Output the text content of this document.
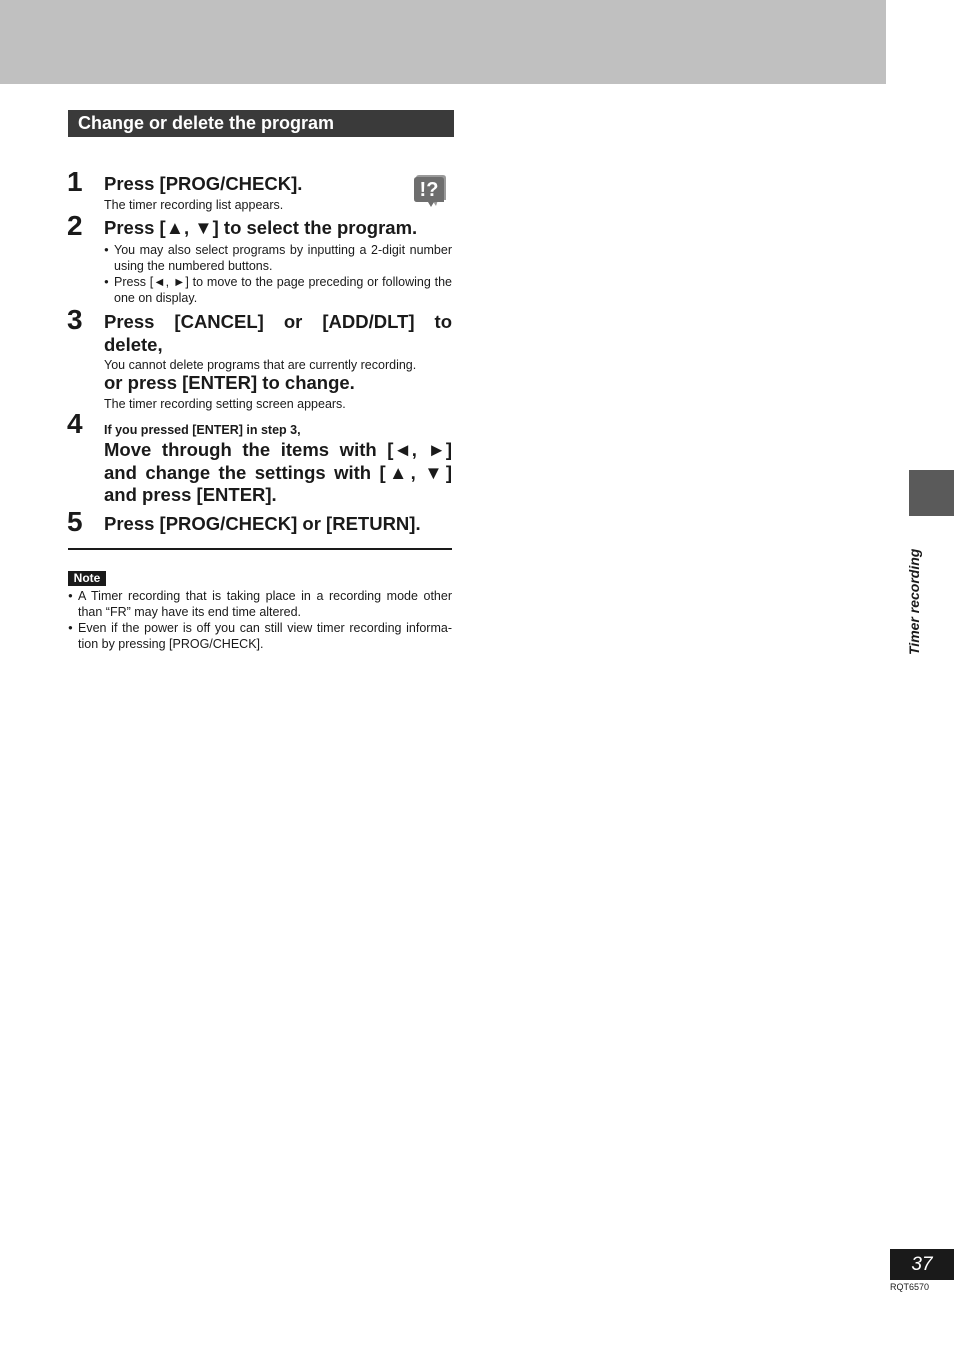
Change or delete the program
1 Press [PROG/CHECK].
The timer recording list appears.
!?
2 Press [▲, ▼] to select the program.
● You may also select programs by inputting a 2-digit number using the numbered buttons.
● Press [◄, ►] to move to the page preceding or following the one on display.
3 Press [CANCEL] or [ADD/DLT] to delete,
You cannot delete programs that are currently recording.
or press [ENTER] to change.
The timer recording setting screen appears.
4 If you pressed [ENTER] in step 3,
Move through the items with [◄, ►] and change the settings with [▲, ▼] and press [ENTER].
5 Press [PROG/CHECK] or [RETURN].
Note
● A Timer recording that is taking place in a recording mode other than “FR” may have its end time altered.
● Even if the power is off you can still view timer recording informa- tion by pressing [PROG/CHECK].	Timer recording
37
RQT6570
